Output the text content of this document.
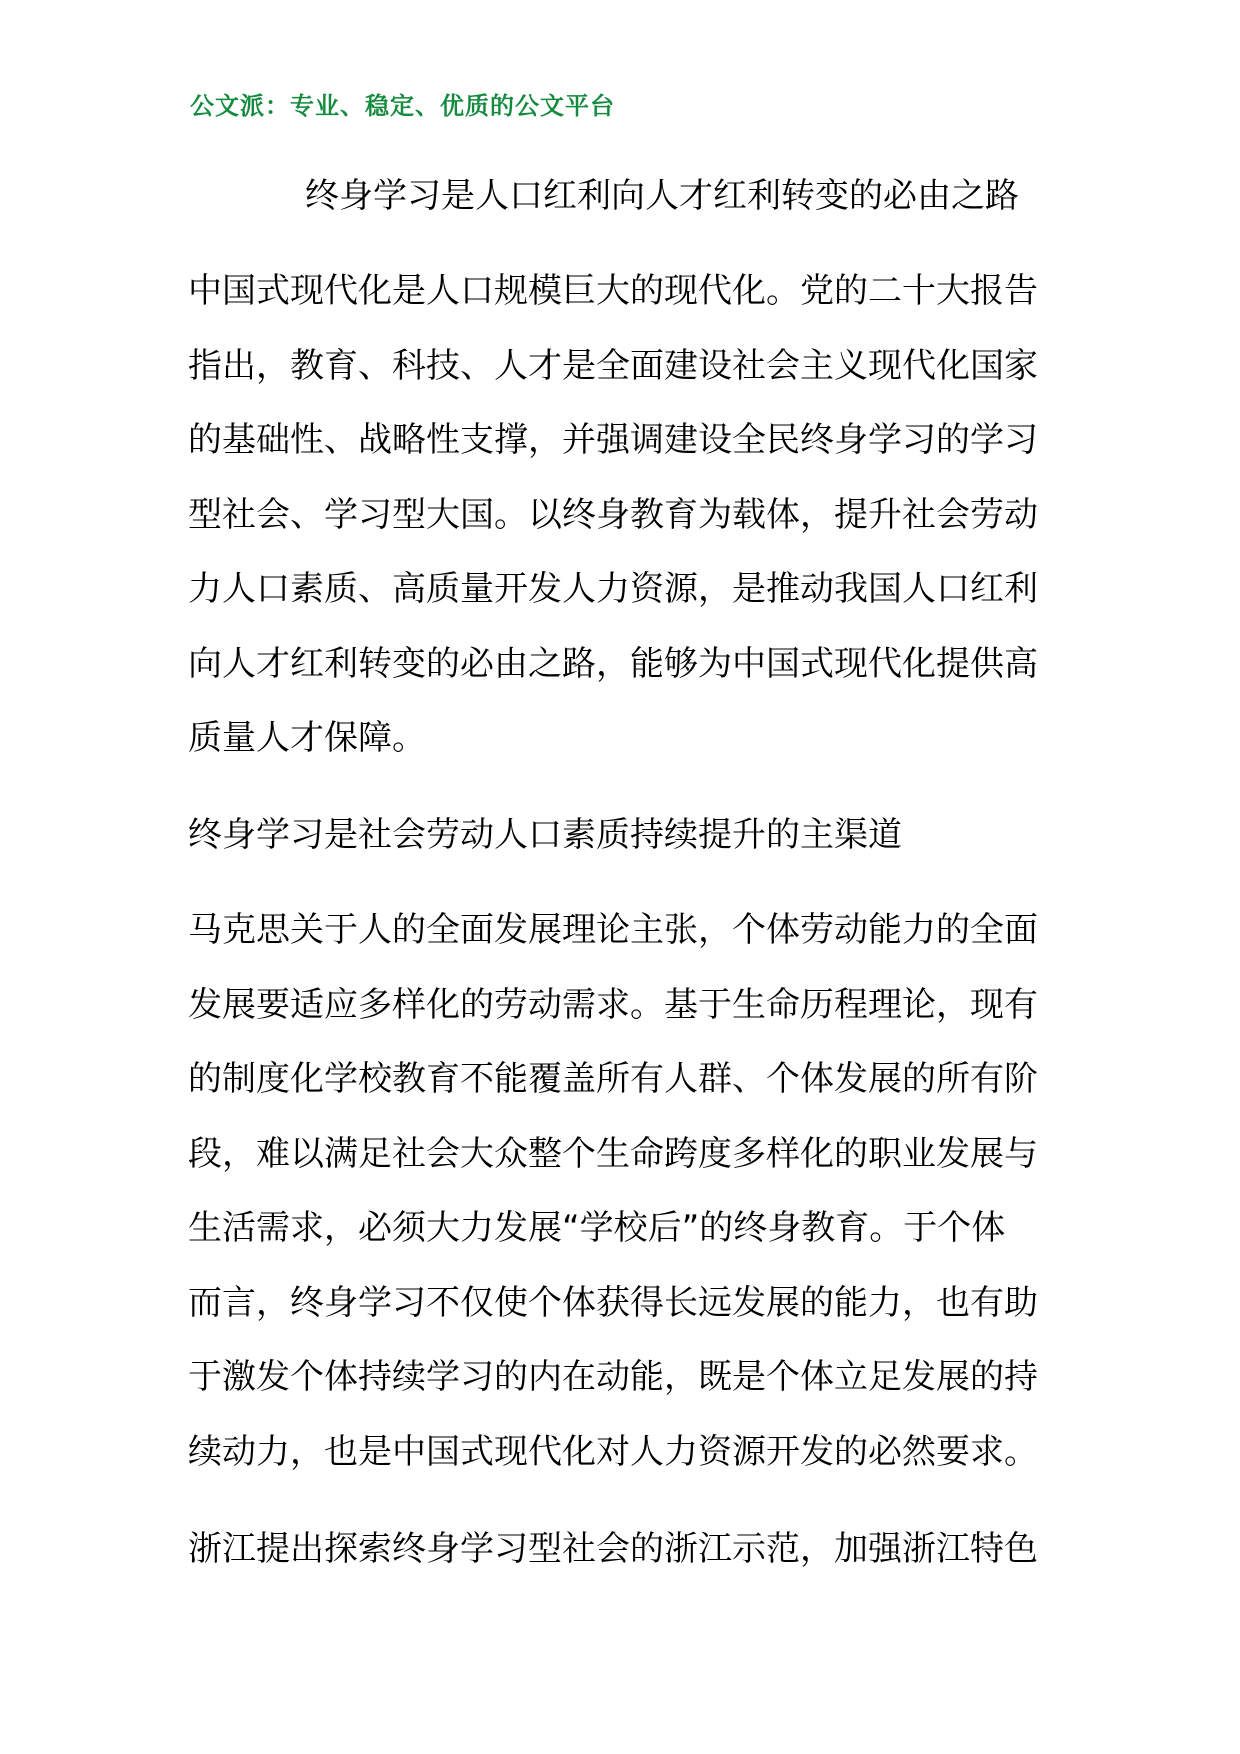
公文派：专业、稳定、优质的公文平台
终身学习是人口红利向人才红利转变的必由之路
中国式现代化是人口规模巨大的现代化。党的二十大报告
指出，教育、科技、人才是全面建设社会主义现代化国家
的基础性、战略性支撑，并强调建设全民终身学习的学习
型社会、学习型大国。以终身教育为载体，提升社会劳动
力人口素质、高质量开发人力资源，是推动我国人口红利
向人才红利转变的必由之路，能够为中国式现代化提供高
质量人才保障。
终身学习是社会劳动人口素质持续提升的主渠道
马克思关于人的全面发展理论主张，个体劳动能力的全面
发展要适应多样化的劳动需求。基于生命历程理论，现有
的制度化学校教育不能覆盖所有人群、个体发展的所有阶
段，难以满足社会大众整个生命跨度多样化的职业发展与
生活需求，必须大力发展“学校后”的终身教育。于个体
而言，终身学习不仅使个体获得长远发展的能力，也有助
于激发个体持续学习的内在动能，既是个体立足发展的持
续动力，也是中国式现代化对人力资源开发的必然要求。
浙江提出探索终身学习型社会的浙江示范，加强浙江特色
